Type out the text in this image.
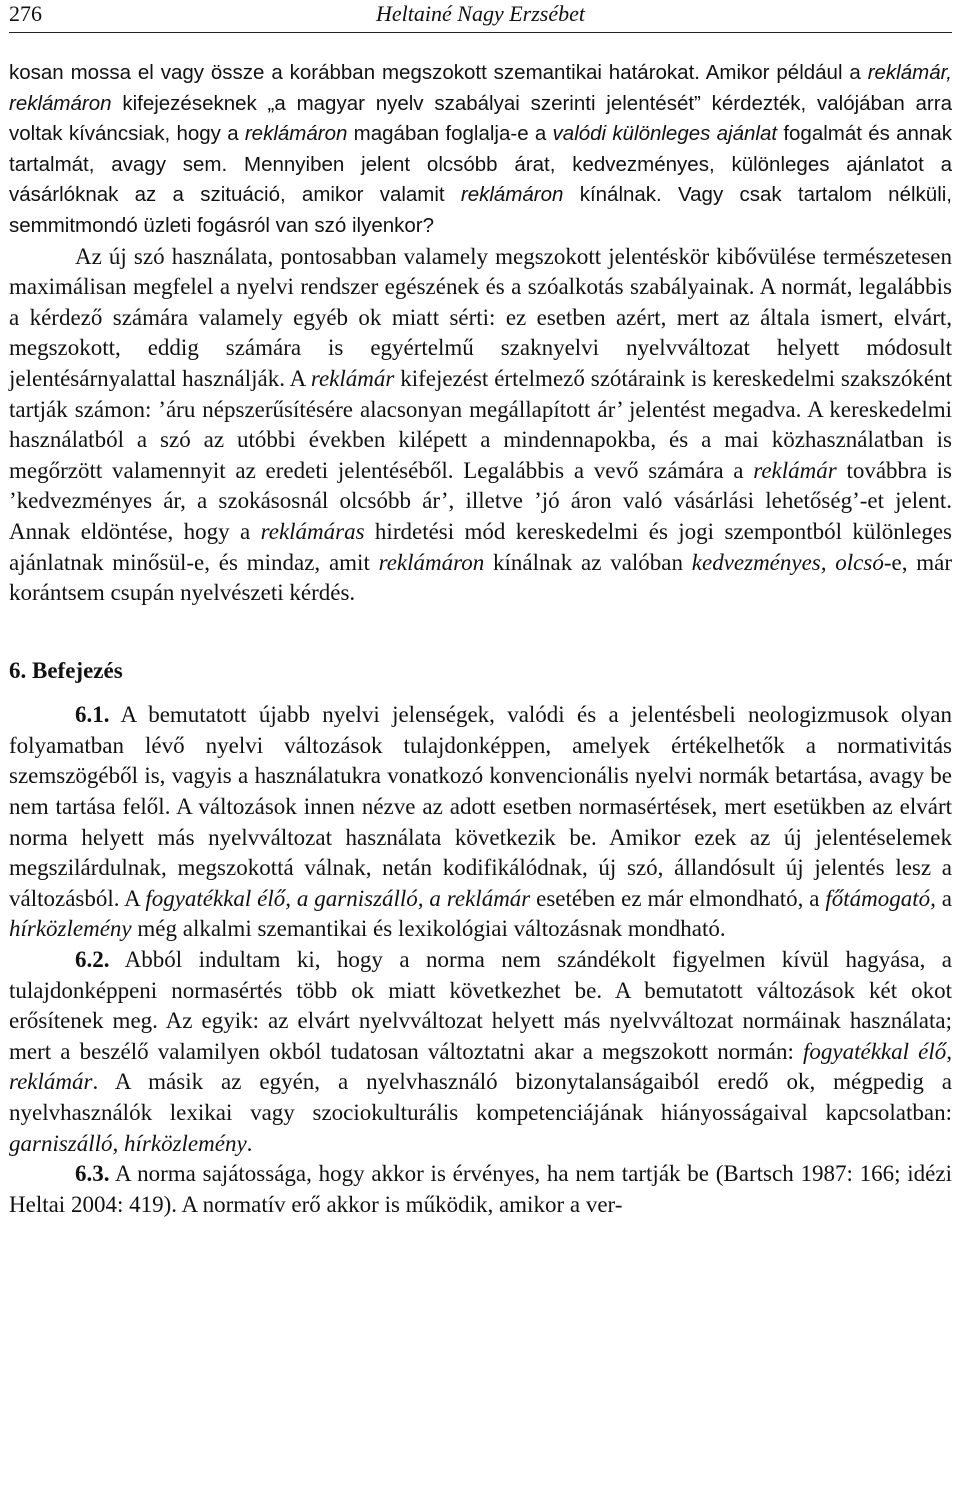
276	Heltainé Nagy Erzsébet

kosan mossa el vagy össze a korábban megszokott szemantikai határokat. Amikor például a reklámár, reklámáron kifejezéseknek „a magyar nyelv szabályai szerinti jelentését” kérdezték, valójában arra voltak kíváncsiak, hogy a reklámáron magában foglalja-e a valódi különleges ajánlat fogalmát és annak tartalmát, avagy sem. Mennyiben jelent olcsóbb árat, kedvezményes, különleges ajánlatot a vásárlóknak az a szituáció, amikor valamit reklámáron kínálnak. Vagy csak tartalom nélküli, semmitmondó üzleti fogásról van szó ilyenkor?

Az új szó használata, pontosabban valamely megszokott jelentéskör kibővülése természetesen maximálisan megfelel a nyelvi rendszer egészének és a szóalkotás szabályainak. A normát, legalábbis a kérdező számára valamely egyéb ok miatt sérti: ez esetben azért, mert az általa ismert, elvárt, megszokott, eddig számára is egyértelmű szaknyelvi nyelvváltozat helyett módosult jelentésárnyalattal használják. A reklámár kifejezést értelmező szótáraink is kereskedelmi szakszóként tartják számon: ’áru népszerűsítésére alacsonyan megállapított ár’ jelentést megadva. A kereskedelmi használatból a szó az utóbbi években kilépett a mindennapokba, és a mai közhasználatban is megőrzött valamennyit az eredeti jelentéséből. Legalábbis a vevő számára a reklámár továbbra is ’kedvezményes ár, a szokásosnál olcsóbb ár’, illetve ’jó áron való vásárlási lehetőség’-et jelent. Annak eldöntése, hogy a reklámáras hirdetési mód kereskedelmi és jogi szempontból különleges ajánlatnak minősül-e, és mindaz, amit reklámáron kínálnak az valóban kedvezményes, olcsó-e, már korántsem csupán nyelvészeti kérdés.

6. Befejezés

6.1. A bemutatott újabb nyelvi jelenségek, valódi és a jelentésbeli neologizmusok olyan folyamatban lévő nyelvi változások tulajdonképpen, amelyek értékelhetők a normativitás szemszögéből is, vagyis a használatukra vonatkozó konvencionális nyelvi normák betartása, avagy be nem tartása felől. A változások innen nézve az adott esetben normasértések, mert esetükben az elvárt norma helyett más nyelvváltozat használata következik be. Amikor ezek az új jelentéselemek megszilárdulnak, megszokottá válnak, netán kodifikálódnak, új szó, állandósult új jelentés lesz a változásból. A fogyatékkal élő, a garniszálló, a reklámár esetében ez már elmondható, a főtámogató, a hírközlemény még alkalmi szemantikai és lexikológiai változásnak mondható.

6.2. Abból indultam ki, hogy a norma nem szándékolt figyelmen kívül hagyása, a tulajdonképpeni normasértés több ok miatt következhet be. A bemutatott változások két okot erősítenek meg. Az egyik: az elvárt nyelvváltozat helyett más nyelvváltozat normáinak használata; mert a beszélő valamilyen okból tudatosan változtatni akar a megszokott normán: fogyatékkal élő, reklámár. A másik az egyén, a nyelvhasználó bizonytalanságaiból eredő ok, mégpedig a nyelvhasználók lexikai vagy szociokulturális kompetenciájának hiányosságaival kapcsolatban: garniszálló, hírközlemény.

6.3. A norma sajátossága, hogy akkor is érvényes, ha nem tartják be (Bartsch 1987: 166; idézi Heltai 2004: 419). A normatív erő akkor is működik, amikor a ver-
